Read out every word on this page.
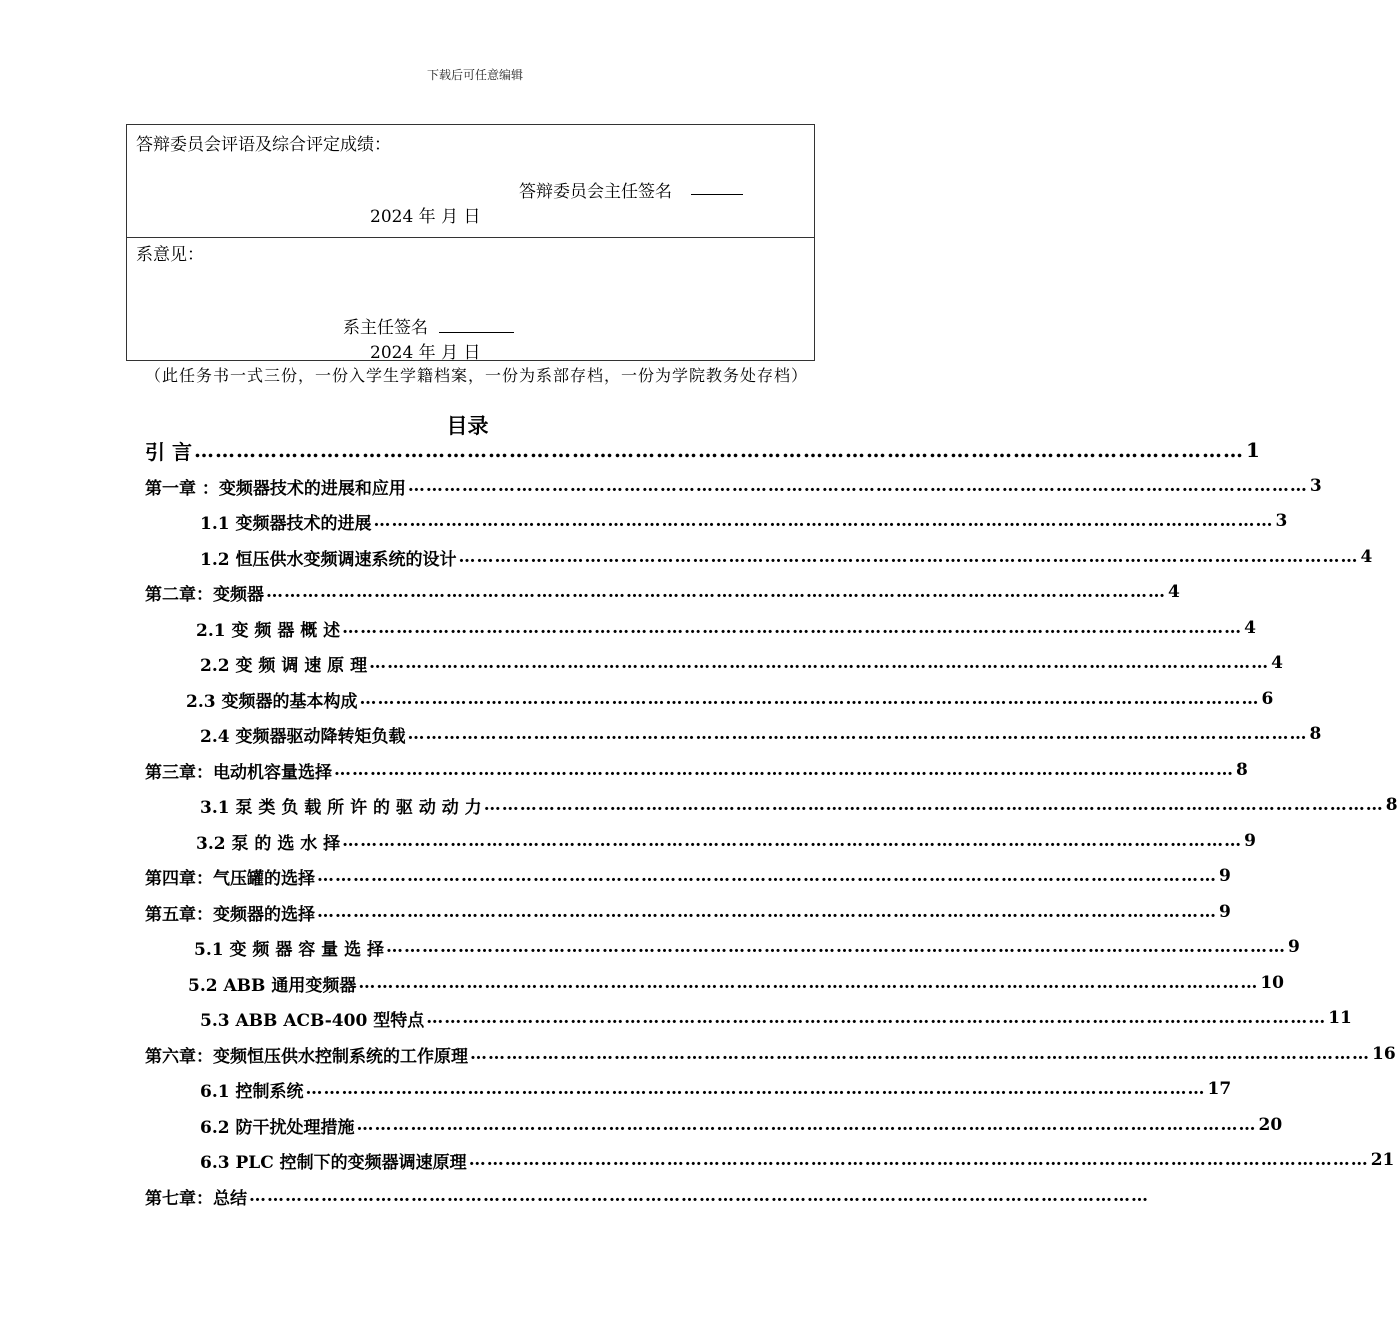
下载后可任意编辑
答辩委员会评语及综合评定成绩：
答辩委员会主任签名
2024 年 月 日
系意见：
系主任签名
2024 年 月 日
（此任务书一式三份，一份入学生学籍档案，一份为系部存档，一份为学院教务处存档）
目录
引 言 …………………………………………………………………………………………………………………………………… 1
第一章 ：变频器技术的进展和应用 …………………………………………………………………………………………………………………………………… 3
1.1 变频器技术的进展 …………………………………………………………………………………………………………………………………… 3
1.2 恒压供水变频调速系统的设计 …………………………………………………………………………………………………………………………………… 4
第二章：变频器 …………………………………………………………………………………………………………………………………… 4
2.1 变 频 器 概 述 …………………………………………………………………………………………………………………………………… 4
2.2 变 频 调 速 原 理 …………………………………………………………………………………………………………………………………… 4
2.3 变频器的基本构成 …………………………………………………………………………………………………………………………………… 6
2.4 变频器驱动降转矩负载 …………………………………………………………………………………………………………………………………… 8
第三章：电动机容量选择 …………………………………………………………………………………………………………………………………… 8
3.1 泵 类 负 载 所 许 的 驱 动 动 力 …………………………………………………………………………………………………………………………………… 8
3.2 泵 的 选 水 择 …………………………………………………………………………………………………………………………………… 9
第四章：气压罐的选择 …………………………………………………………………………………………………………………………………… 9
第五章：变频器的选择 …………………………………………………………………………………………………………………………………… 9
5.1 变 频 器 容 量 选 择 …………………………………………………………………………………………………………………………………… 9
5.2 ABB 通用变频器 …………………………………………………………………………………………………………………………………… 10
5.3 ABB ACB-400 型特点 …………………………………………………………………………………………………………………………………… 11
第六章：变频恒压供水控制系统的工作原理 …………………………………………………………………………………………………………………………………… 16
6.1 控制系统 …………………………………………………………………………………………………………………………………… 17
6.2 防干扰处理措施 …………………………………………………………………………………………………………………………………… 20
6.3 PLC 控制下的变频器调速原理 …………………………………………………………………………………………………………………………………… 21
第七章：总结 ……………………………………………………………………………………………………………………………………
